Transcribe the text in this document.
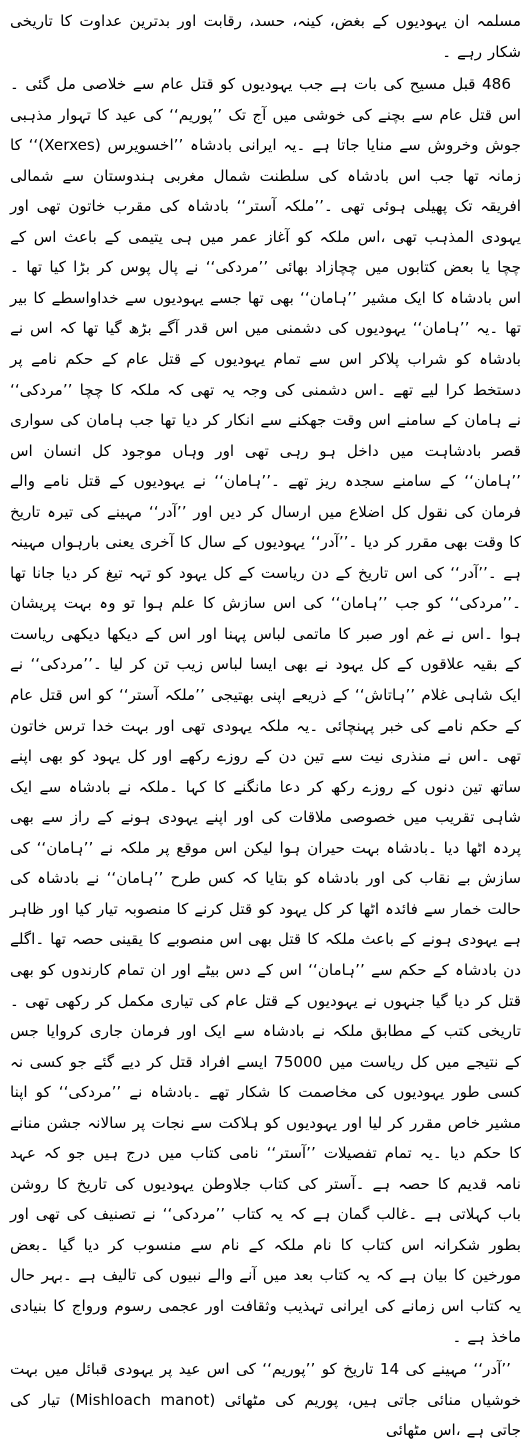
مسلمہ ان یہودیوں کے بغض، کینہ، حسد، رقابت اور بدترین عداوت کا تاریخی شکار رہے ۔

486 قبل مسیح کی بات ہے جب یہودیوں کو قتل عام سے خلاصی مل گئی ۔اس قتل عام سے بچنے کی خوشی میں آج تک ’’پوریم‘‘ کی عید کا تہوار مذہبی جوش وخروش سے منایا جاتا ہے ۔یہ ایرانی بادشاہ ’’اخسویرس (Xerxes)‘‘ کا زمانہ تھا جب اس بادشاہ کی سلطنت شمال مغربی ہندوستان سے شمالی افریقہ تک پھیلی ہوئی تھی ۔’’ملکہ آستر‘‘ بادشاہ کی مقرب خاتون تھی اور یہودی المذہب تھی ،اس ملکہ کو آغاز عمر میں ہی یتیمی کے باعث اس کے چچا یا بعض کتابوں میں چچازاد بھائی ’’مردکی‘‘ نے پال پوس کر بڑا کیا تھا ۔اس بادشاہ کا ایک مشیر ’’ہامان‘‘ بھی تھا جسے یہودیوں سے خداواسطے کا بیر تھا ۔یہ ’’ہامان‘‘ یہودیوں کی دشمنی میں اس قدر آگے بڑھ گیا تھا کہ اس نے بادشاہ کو شراب پلاکر اس سے تمام یہودیوں کے قتل عام کے حکم نامے پر دستخط کرا لیے تھے ۔اس دشمنی کی وجہ یہ تھی کہ ملکہ کا چچا ’’مردکی‘‘ نے ہامان کے سامنے اس وقت جھکنے سے انکار کر دیا تھا جب ہامان کی سواری قصر بادشاہت میں داخل ہو رہی تھی اور وہاں موجود کل انسان اس ’’ہامان‘‘ کے سامنے سجدہ ریز تھے ۔’’ہامان‘‘ نے یہودیوں کے قتل نامے والے فرمان کی نقول کل اضلاع میں ارسال کر دیں اور ’’آدر‘‘ مہینے کی تیرہ تاریخ کا وقت بھی مقرر کر دیا ۔’’آدر‘‘ یہودیوں کے سال کا آخری یعنی بارہواں مہینہ ہے ۔’’آدر‘‘ کی اس تاریخ کے دن ریاست کے کل یہود کو تہہ تیغ کر دیا جانا تھا ۔’’مردکی‘‘ کو جب ’’ہامان‘‘ کی اس سازش کا علم ہوا تو وہ بہت پریشان ہوا ۔اس نے غم اور صبر کا ماتمی لباس پہنا اور اس کے دیکھا دیکھی ریاست کے بقیہ علاقوں کے کل یہود نے بھی ایسا لباس زیب تن کر لیا ۔’’مردکی‘‘ نے ایک شاہی غلام ’’ہاتاش‘‘ کے ذریعے اپنی بھتیجی ’’ملکہ آستر‘‘ کو اس قتل عام کے حکم نامے کی خبر پہنچائی ۔یہ ملکہ یہودی تھی اور بہت خدا ترس خاتون تھی ۔اس نے منذری نیت سے تین دن کے روزے رکھے اور کل یہود کو بھی اپنے ساتھ تین دنوں کے روزے رکھ کر دعا مانگنے کا کہا ۔ملکہ نے بادشاہ سے ایک شاہی تقریب میں خصوصی ملاقات کی اور اپنے یہودی ہونے کے راز سے بھی پردہ اٹھا دیا ۔بادشاہ بہت حیران ہوا لیکن اس موقع پر ملکہ نے ’’ہامان‘‘ کی سازش بے نقاب کی اور بادشاہ کو بتایا کہ کس طرح ’’ہامان‘‘ نے بادشاہ کی حالت خمار سے فائدہ اٹھا کر کل یہود کو قتل کرنے کا منصوبہ تیار کیا اور ظاہر ہے یہودی ہونے کے باعث ملکہ کا قتل بھی اس منصوبے کا یقینی حصہ تھا ۔اگلے دن بادشاہ کے حکم سے ’’ہامان‘‘ اس کے دس بیٹے اور ان تمام کارندوں کو بھی قتل کر دیا گیا جنہوں نے یہودیوں کے قتل عام کی تیاری مکمل کر رکھی تھی ۔تاریخی کتب کے مطابق ملکہ نے بادشاہ سے ایک اور فرمان جاری کروایا جس کے نتیجے میں کل ریاست میں 75000 ایسے افراد قتل کر دیے گئے جو کسی نہ کسی طور یہودیوں کی مخاصمت کا شکار تھے ۔بادشاہ نے ’’مردکی‘‘ کو اپنا مشیر خاص مقرر کر لیا اور یہودیوں کو ہلاکت سے نجات پر سالانہ جشن منانے کا حکم دیا ۔یہ تمام تفصیلات ’’آستر‘‘ نامی کتاب میں درج ہیں جو کہ عہد نامہ قدیم کا حصہ ہے ۔آستر کی کتاب جلاوطن یہودیوں کی تاریخ کا روشن باب کہلاتی ہے ۔غالب گمان ہے کہ یہ کتاب ’’مردکی‘‘ نے تصنیف کی تھی اور بطور شکرانہ اس کتاب کا نام ملکہ کے نام سے منسوب کر دیا گیا ۔بعض مورخین کا بیان ہے کہ یہ کتاب بعد میں آنے والے نبیوں کی تالیف ہے ۔بہر حال یہ کتاب اس زمانے کی ایرانی تہذیب وثقافت اور عجمی رسوم ورواج کا بنیادی ماخذ ہے ۔

’’آدر‘‘ مہینے کی 14 تاریخ کو ’’پوریم‘‘ کی اس عید پر یہودی قبائل میں بہت خوشیاں منائی جاتی ہیں، پوریم کی مٹھائی (Mishloach manot) تیار کی جاتی ہے ،اس مٹھائی
